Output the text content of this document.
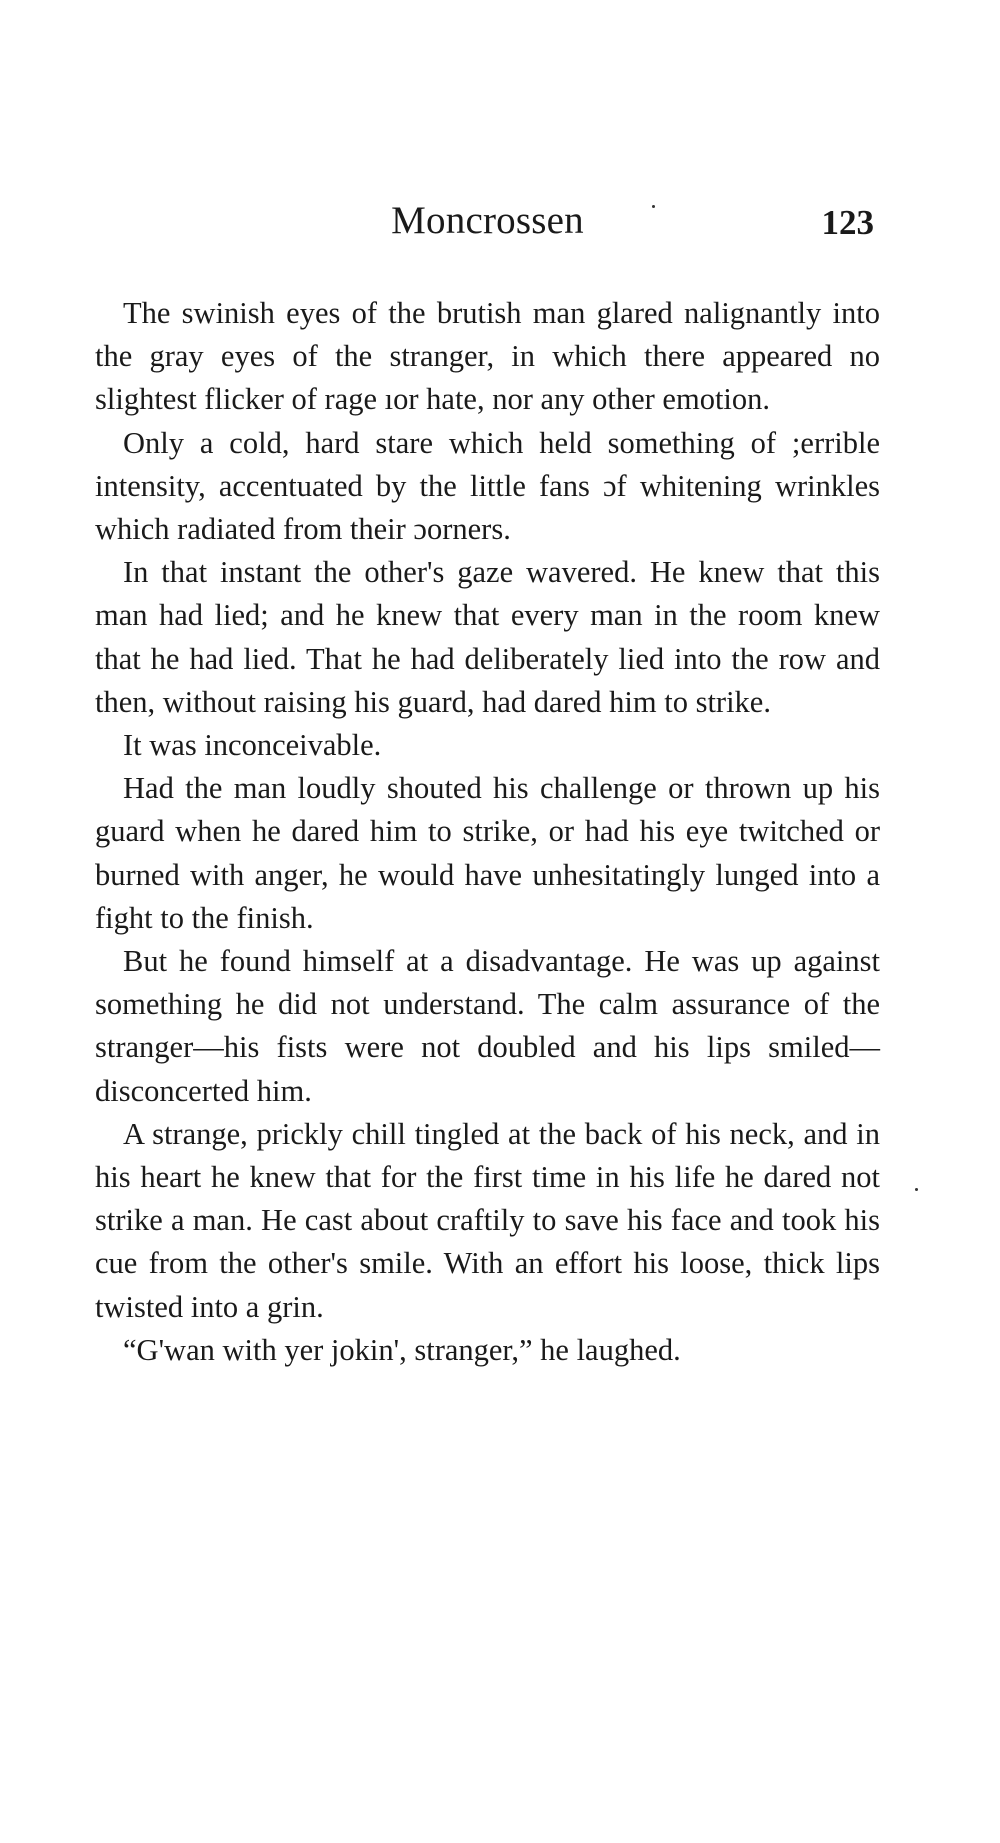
Moncrossen	123

The swinish eyes of the brutish man glared nalignantly into the gray eyes of the stranger, in which there appeared no slightest flicker of rage ıor hate, nor any other emotion.

Only a cold, hard stare which held something of ;errible intensity, accentuated by the little fans ɔf whitening wrinkles which radiated from their ɔorners.

In that instant the other's gaze wavered. He knew that this man had lied; and he knew that every man in the room knew that he had lied. That he had deliberately lied into the row and then, without raising his guard, had dared him to strike.

It was inconceivable.

Had the man loudly shouted his challenge or thrown up his guard when he dared him to strike, or had his eye twitched or burned with anger, he would have unhesitatingly lunged into a fight to the finish.

But he found himself at a disadvantage. He was up against something he did not understand. The calm assurance of the stranger—his fists were not doubled and his lips smiled—disconcerted him.

A strange, prickly chill tingled at the back of his neck, and in his heart he knew that for the first time in his life he dared not strike a man. He cast about craftily to save his face and took his cue from the other's smile. With an effort his loose, thick lips twisted into a grin.

“G'wan with yer jokin', stranger,” he laughed.
